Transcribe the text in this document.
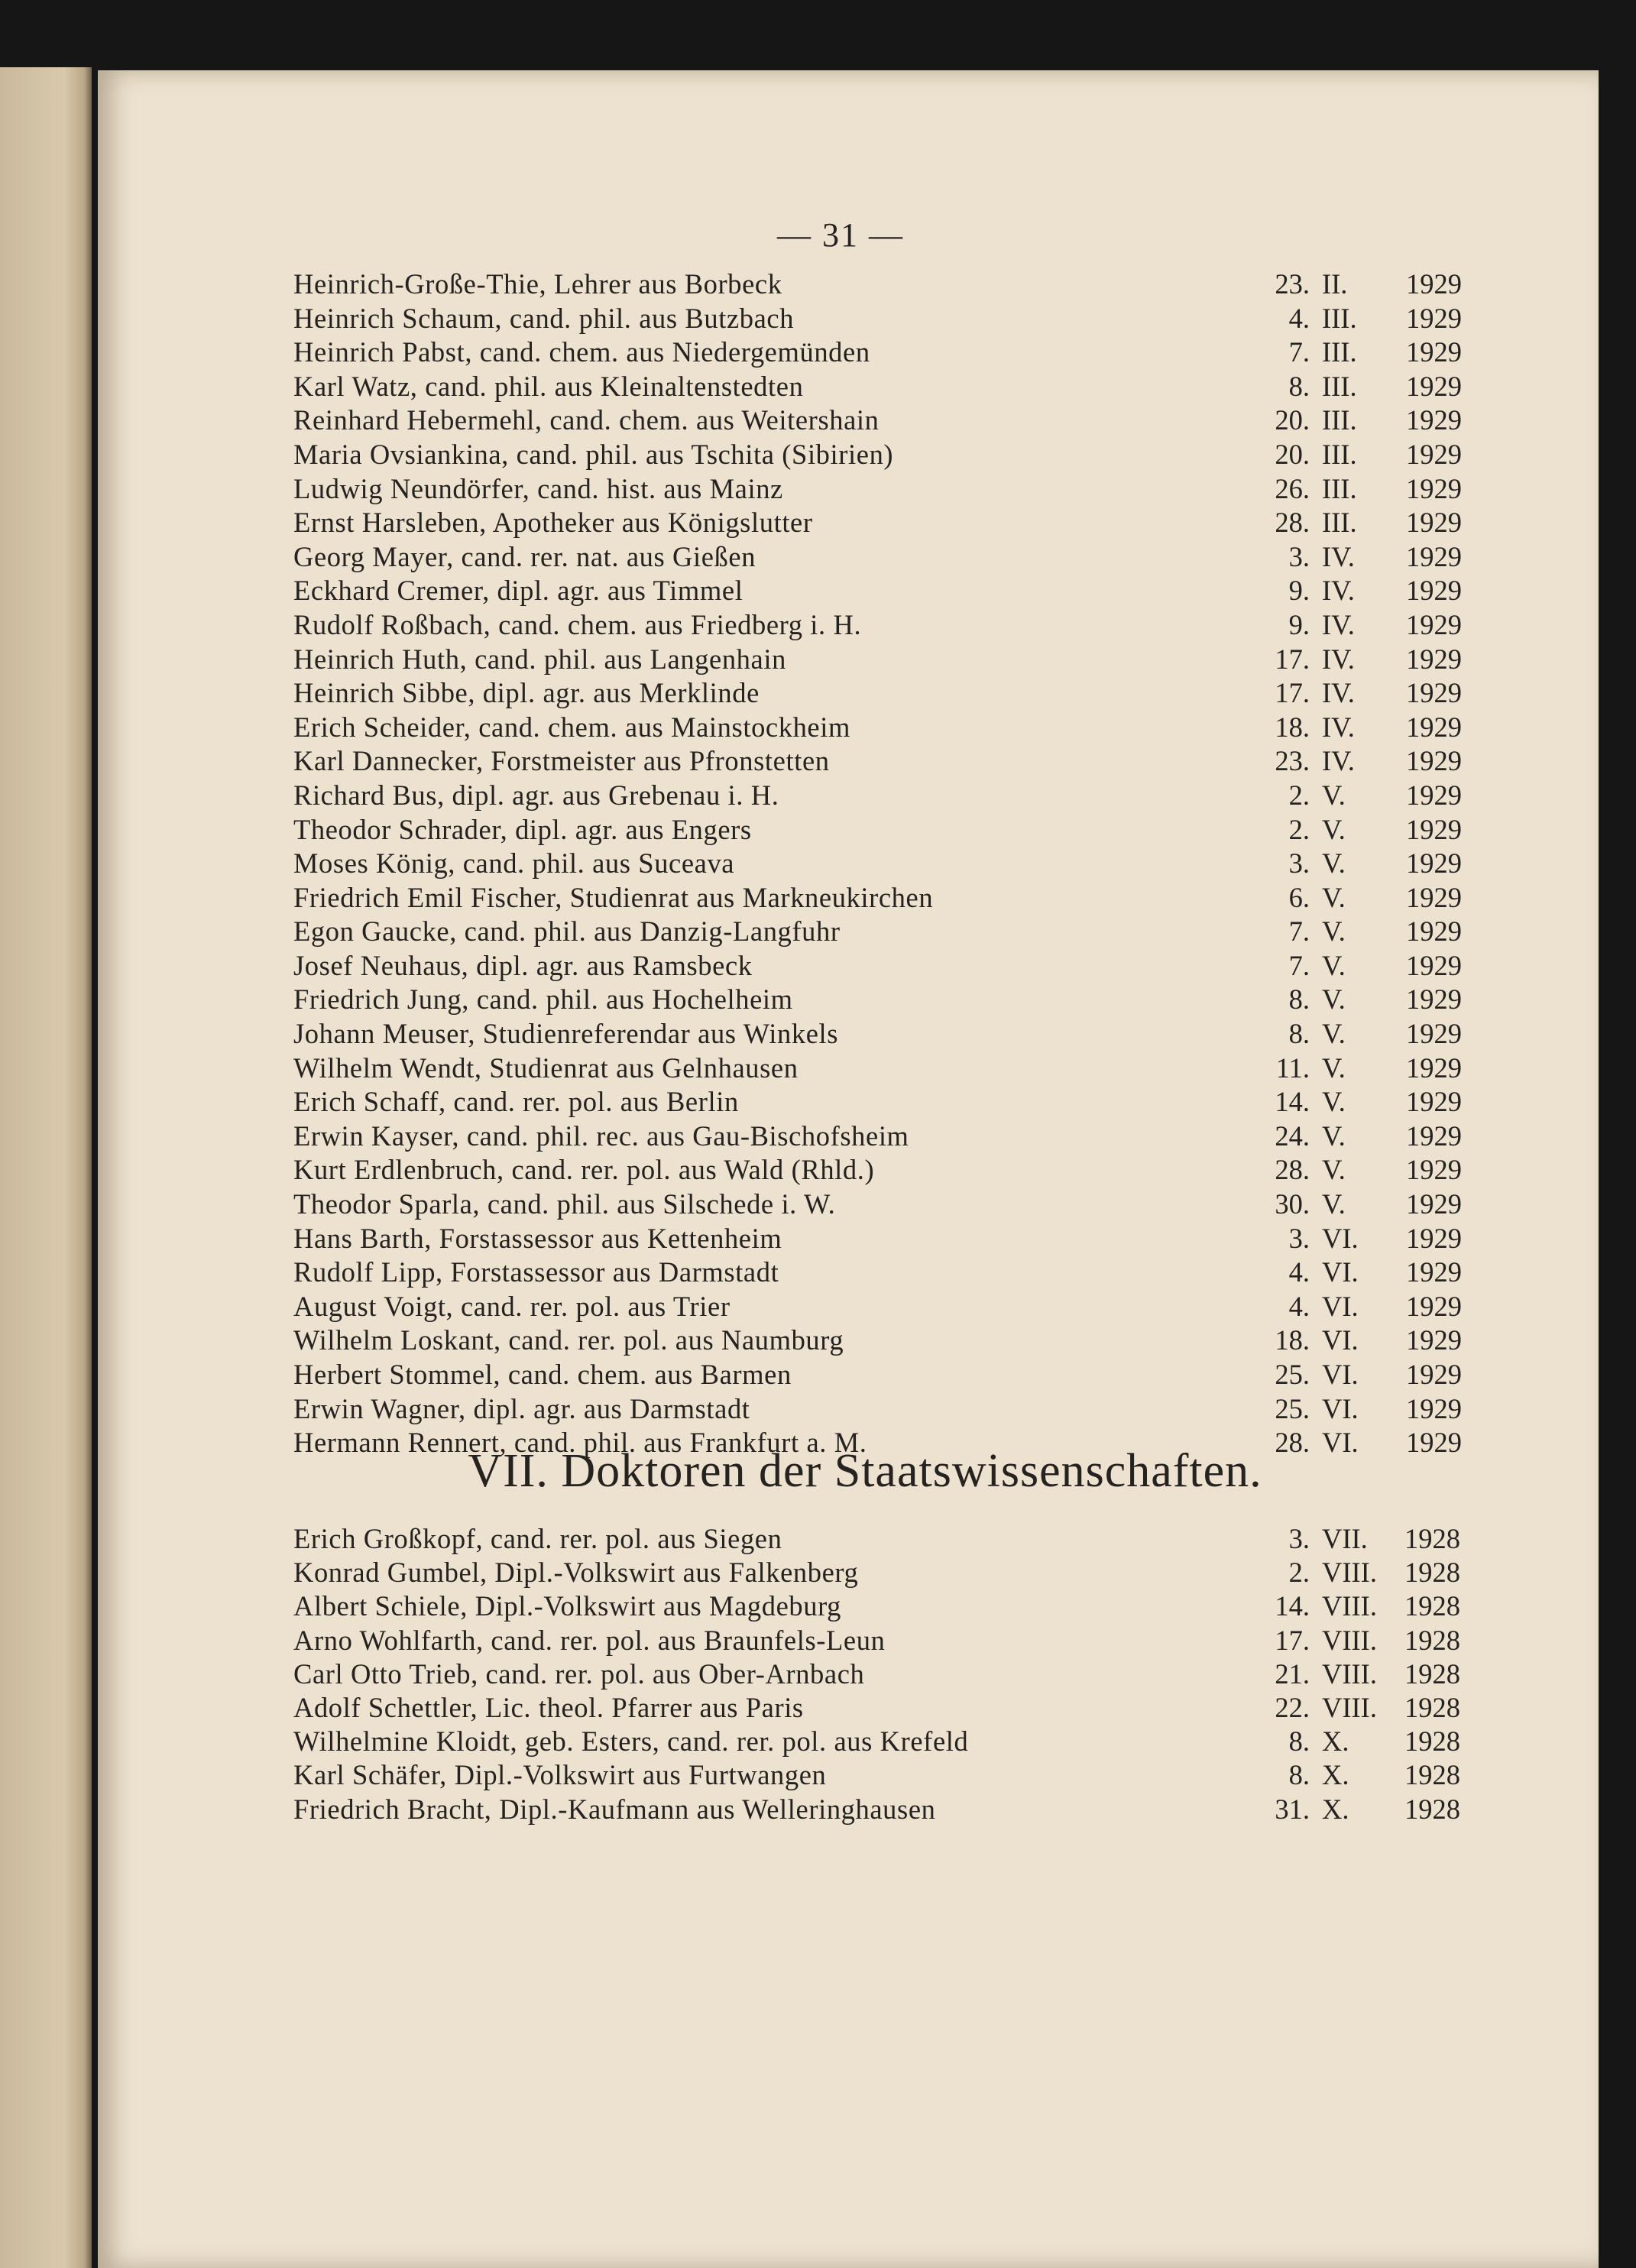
— 31 —
Heinrich-Große-Thie, Lehrer aus Borbeck	23. II. 1929
Heinrich Schaum, cand. phil. aus Butzbach	4. III. 1929
Heinrich Pabst, cand. chem. aus Niedergemünden	7. III. 1929
Karl Watz, cand. phil. aus Kleinaltenstedten	8. III. 1929
Reinhard Hebermehl, cand. chem. aus Weitershain	20. III. 1929
Maria Ovsiankina, cand. phil. aus Tschita (Sibirien)	20. III. 1929
Ludwig Neundörfer, cand. hist. aus Mainz	26. III. 1929
Ernst Harsleben, Apotheker aus Königslutter	28. III. 1929
Georg Mayer, cand. rer. nat. aus Gießen	3. IV. 1929
Eckhard Cremer, dipl. agr. aus Timmel	9. IV. 1929
Rudolf Roßbach, cand. chem. aus Friedberg i. H.	9. IV. 1929
Heinrich Huth, cand. phil. aus Langenhain	17. IV. 1929
Heinrich Sibbe, dipl. agr. aus Merklinde	17. IV. 1929
Erich Scheider, cand. chem. aus Mainstockheim	18. IV. 1929
Karl Dannecker, Forstmeister aus Pfronstetten	23. IV. 1929
Richard Bus, dipl. agr. aus Grebenau i. H.	2. V. 1929
Theodor Schrader, dipl. agr. aus Engers	2. V. 1929
Moses König, cand. phil. aus Suceava	3. V. 1929
Friedrich Emil Fischer, Studienrat aus Markneukirchen	6. V. 1929
Egon Gaucke, cand. phil. aus Danzig-Langfuhr	7. V. 1929
Josef Neuhaus, dipl. agr. aus Ramsbeck	7. V. 1929
Friedrich Jung, cand. phil. aus Hochelheim	8. V. 1929
Johann Meuser, Studienreferendar aus Winkels	8. V. 1929
Wilhelm Wendt, Studienrat aus Gelnhausen	11. V. 1929
Erich Schaff, cand. rer. pol. aus Berlin	14. V. 1929
Erwin Kayser, cand. phil. rec. aus Gau-Bischofsheim	24. V. 1929
Kurt Erdlenbruch, cand. rer. pol. aus Wald (Rhld.)	28. V. 1929
Theodor Sparla, cand. phil. aus Silschede i. W.	30. V. 1929
Hans Barth, Forstassessor aus Kettenheim	3. VI. 1929
Rudolf Lipp, Forstassessor aus Darmstadt	4. VI. 1929
August Voigt, cand. rer. pol. aus Trier	4. VI. 1929
Wilhelm Loskant, cand. rer. pol. aus Naumburg	18. VI. 1929
Herbert Stommel, cand. chem. aus Barmen	25. VI. 1929
Erwin Wagner, dipl. agr. aus Darmstadt	25. VI. 1929
Hermann Rennert, cand. phil. aus Frankfurt a. M.	28. VI. 1929
VII. Doktoren der Staatswissenschaften.
Erich Großkopf, cand. rer. pol. aus Siegen	3. VII. 1928
Konrad Gumbel, Dipl.-Volkswirt aus Falkenberg	2. VIII. 1928
Albert Schiele, Dipl.-Volkswirt aus Magdeburg	14. VIII. 1928
Arno Wohlfarth, cand. rer. pol. aus Braunfels-Leun	17. VIII. 1928
Carl Otto Trieb, cand. rer. pol. aus Ober-Arnbach	21. VIII. 1928
Adolf Schettler, Lic. theol. Pfarrer aus Paris	22. VIII. 1928
Wilhelmine Kloidt, geb. Esters, cand. rer. pol. aus Krefeld	8. X. 1928
Karl Schäfer, Dipl.-Volkswirt aus Furtwangen	8. X. 1928
Friedrich Bracht, Dipl.-Kaufmann aus Welleringhausen	31. X. 1928
